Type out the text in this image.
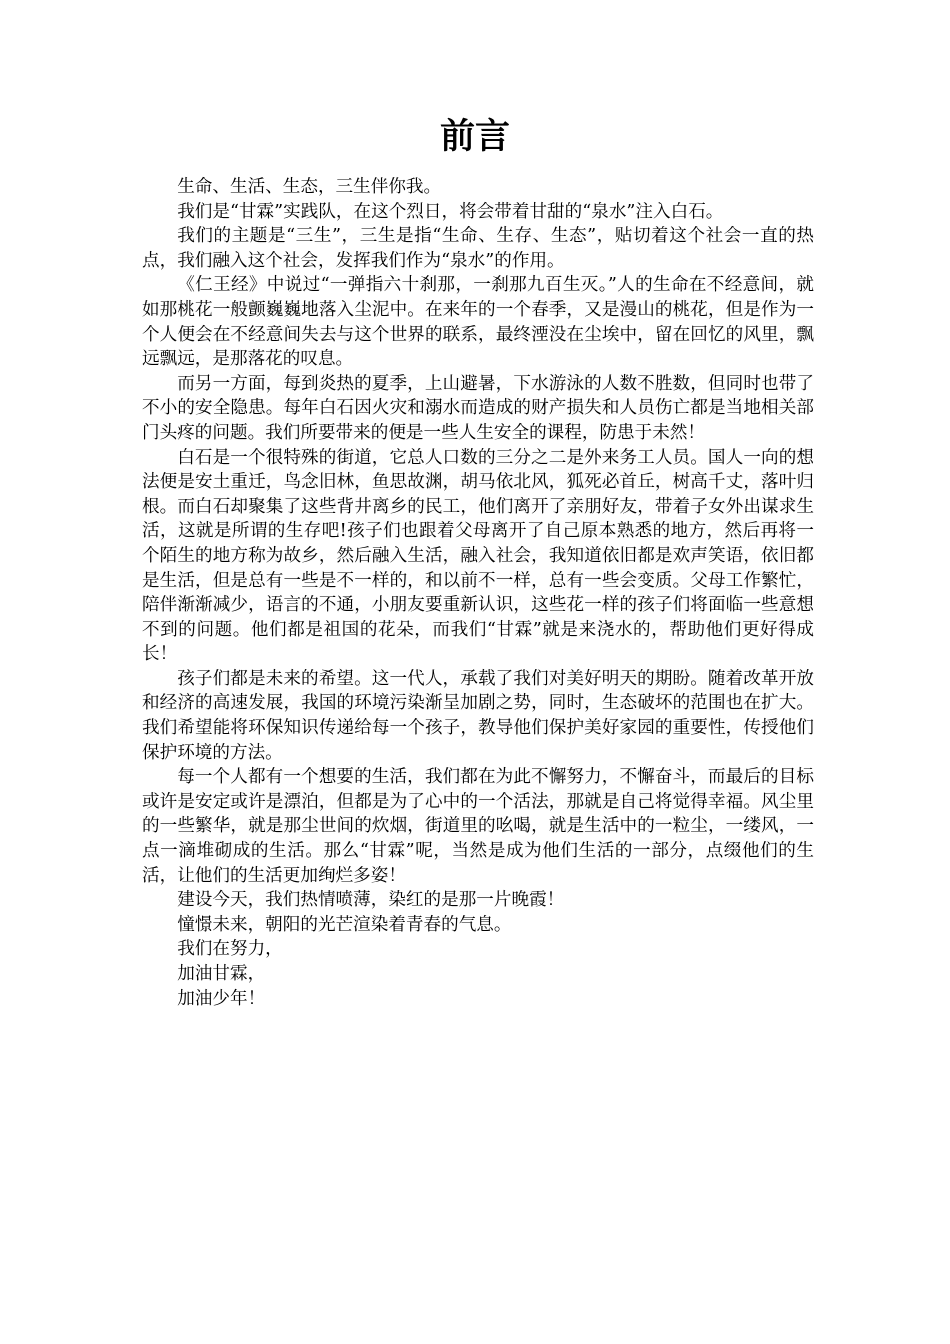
前言

生命、生活、生态，三生伴你我。

我们是“甘霖”实践队，在这个烈日，将会带着甘甜的“泉水”注入白石。

我们的主题是“三生”，三生是指“生命、生存、生态”，贴切着这个社会一直的热点，我们融入这个社会，发挥我们作为“泉水”的作用。

《仁王经》中说过“一弹指六十刹那，一刹那九百生灭。”人的生命在不经意间，就如那桃花一般颤巍巍地落入尘泥中。在来年的一个春季，又是漫山的桃花，但是作为一个人便会在不经意间失去与这个世界的联系，最终湮没在尘埃中，留在回忆的风里，飘远飘远，是那落花的叹息。

而另一方面，每到炎热的夏季，上山避暑，下水游泳的人数不胜数，但同时也带了不小的安全隐患。每年白石因火灾和溺水而造成的财产损失和人员伤亡都是当地相关部门头疼的问题。我们所要带来的便是一些人生安全的课程，防患于未然！

白石是一个很特殊的街道，它总人口数的三分之二是外来务工人员。国人一向的想法便是安土重迁，鸟念旧林，鱼思故渊，胡马依北风，狐死必首丘，树高千丈，落叶归根。而白石却聚集了这些背井离乡的民工，他们离开了亲朋好友，带着子女外出谋求生活，这就是所谓的生存吧!孩子们也跟着父母离开了自己原本熟悉的地方，然后再将一个陌生的地方称为故乡，然后融入生活，融入社会，我知道依旧都是欢声笑语，依旧都是生活，但是总有一些是不一样的，和以前不一样，总有一些会变质。父母工作繁忙，陪伴渐渐减少，语言的不通，小朋友要重新认识，这些花一样的孩子们将面临一些意想不到的问题。他们都是祖国的花朵，而我们“甘霖”就是来浇水的，帮助他们更好得成长！

孩子们都是未来的希望。这一代人，承载了我们对美好明天的期盼。随着改革开放和经济的高速发展，我国的环境污染渐呈加剧之势，同时，生态破坏的范围也在扩大。我们希望能将环保知识传递给每一个孩子，教导他们保护美好家园的重要性，传授他们保护环境的方法。

每一个人都有一个想要的生活，我们都在为此不懈努力，不懈奋斗，而最后的目标或许是安定或许是漂泊，但都是为了心中的一个活法，那就是自己将觉得幸福。风尘里的一些繁华，就是那尘世间的炊烟，街道里的吆喝，就是生活中的一粒尘，一缕风，一点一滴堆砌成的生活。那么“甘霖”呢，当然是成为他们生活的一部分，点缀他们的生活，让他们的生活更加绚烂多姿！

建设今天，我们热情喷薄，染红的是那一片晚霞！

憧憬未来，朝阳的光芒渲染着青春的气息。

我们在努力，

加油甘霖，

加油少年！
